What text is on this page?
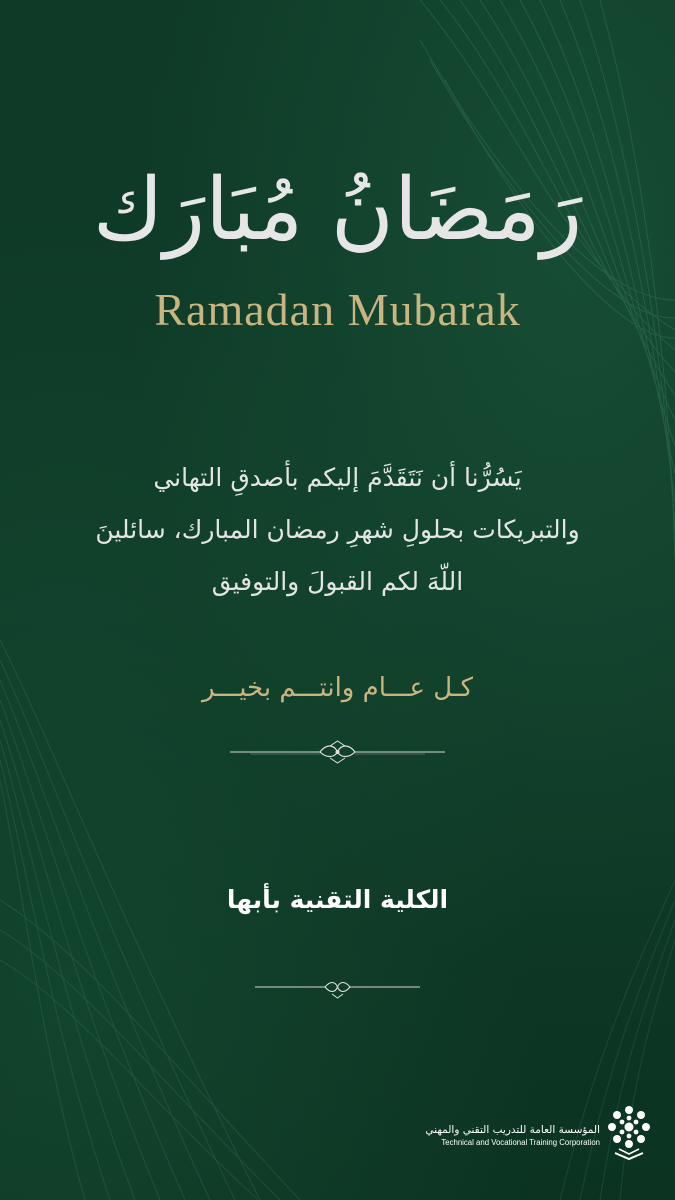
رَمَضَانُ مُبَارَك
Ramadan Mubarak
يَسُرُّنا أن نَتَقَدَّمَ إليكم بأصدقِ التهاني
والتبريكات بحلولِ شهرِ رمضان المبارك، سائلينَ
اللّهَ لكم القبولَ والتوفيق
كـل عـــام وانتـــم بخيـــر
الكلية التقنية بأبها
المؤسسة العامة للتدريب التقني والمهني
Technical and Vocational Training Corporation
